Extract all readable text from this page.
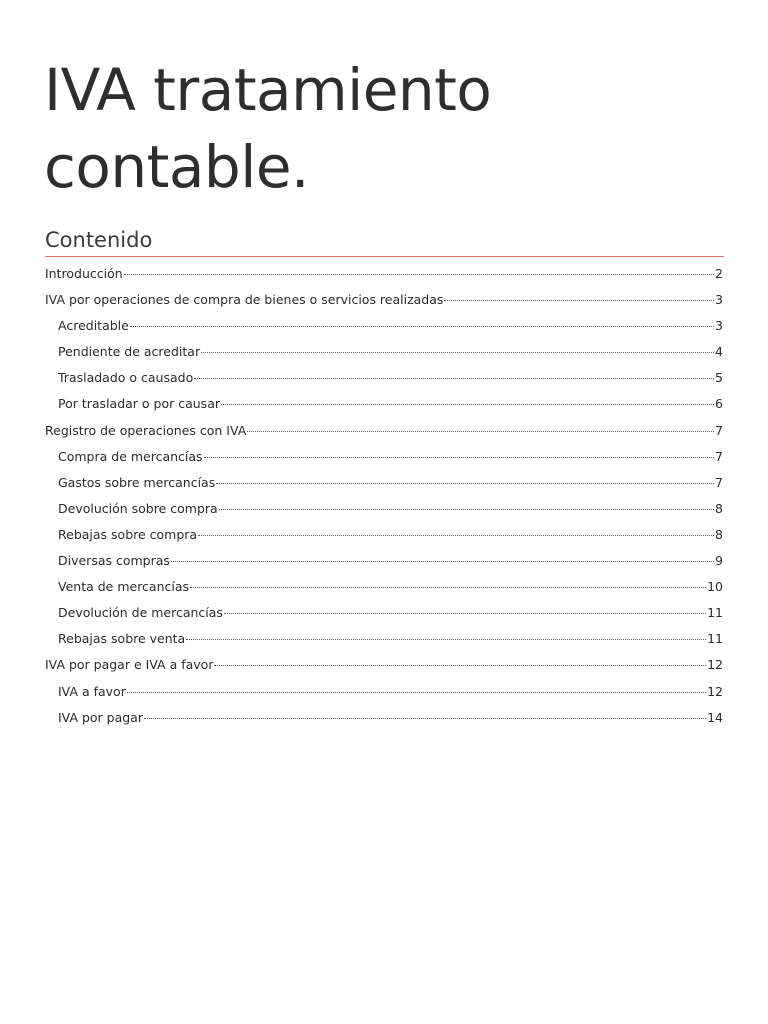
IVA tratamiento
contable.
Contenido
Introducción	2
IVA por operaciones de compra de bienes o servicios realizadas	3
Acreditable	3
Pendiente de acreditar	4
Trasladado o causado	5
Por trasladar o por causar	6
Registro de operaciones con IVA	7
Compra de mercancías	7
Gastos sobre mercancías	7
Devolución sobre compra	8
Rebajas sobre compra	8
Diversas compras	9
Venta de mercancías	10
Devolución de mercancías	11
Rebajas sobre venta	11
IVA por pagar e IVA a favor	12
IVA a favor	12
IVA por pagar	14
